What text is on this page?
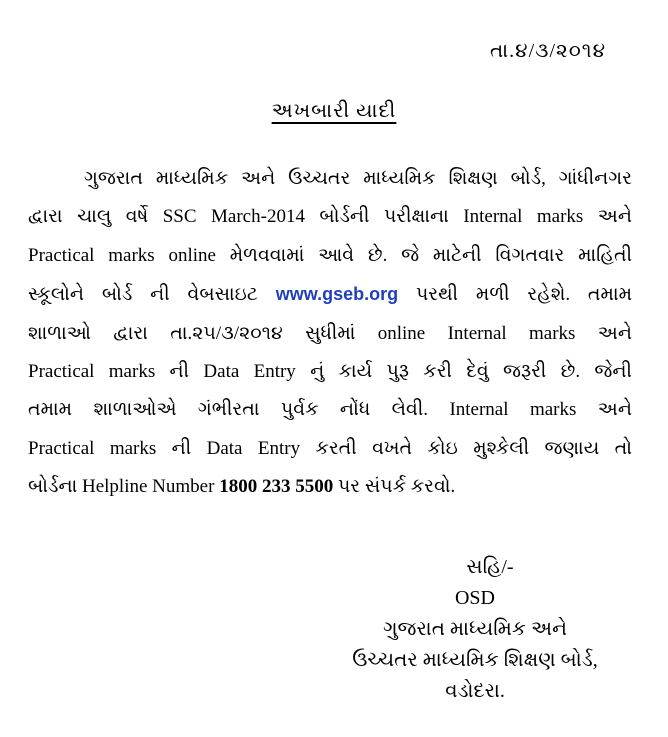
તા.૪/૩/૨૦૧૪
અખબારી યાદી
ગુજરાત માધ્યમિક અને ઉચ્ચતર માધ્યમિક શિક્ષણ બોર્ડ, ગાંધીનગર
દ્વારા ચાલુ વર્ષે SSC March-2014 બોર્ડની પરીક્ષાના Internal marks અને
Practical marks online મેળવવામાં આવે છે. જે માટેની વિગતવાર માહિતી
સ્કૂલોને બોર્ડ ની વેબસાઇટ www.gseb.org પરથી મળી રહેશે. તમામ
શાળાઓ દ્વારા તા.૨૫/૩/૨૦૧૪ સુધીમાં online Internal marks અને
Practical marks ની Data Entry નું કાર્ય પુરૂ કરી દેવું જરૂરી છે. જેની
તમામ શાળાઓએ ગંભીરતા પુર્વક નોંધ લેવી. Internal marks અને
Practical marks ની Data Entry કરતી વખતે કોઇ મુશ્કેલી જણાય તો
બોર્ડના Helpline Number 1800 233 5500 પર સંપર્ક કરવો.
સહિ/-
OSD
ગુજરાત માધ્યમિક અને
ઉચ્ચતર માધ્યમિક શિક્ષણ બોર્ડ,
વડોદરા.
